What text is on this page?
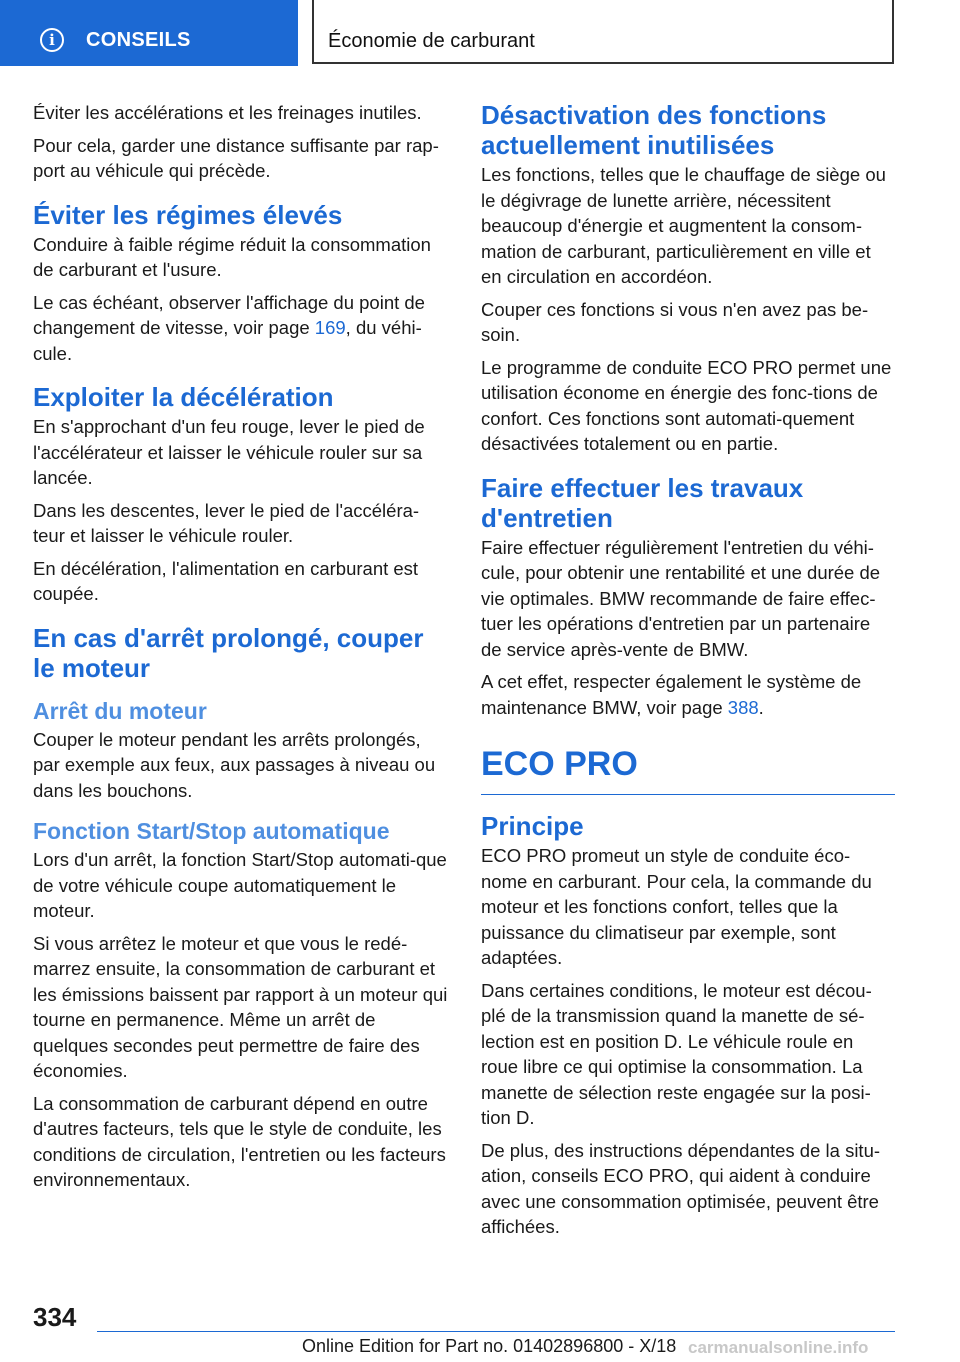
i	CONSEILS	Économie de carburant

Éviter les accélérations et les freinages inutiles.

Pour cela, garder une distance suffisante par rap-port au véhicule qui précède.

Éviter les régimes élevés

Conduire à faible régime réduit la consommation de carburant et l'usure.

Le cas échéant, observer l'affichage du point de changement de vitesse, voir page 169, du véhi-cule.

Exploiter la décélération

En s'approchant d'un feu rouge, lever le pied de l'accélérateur et laisser le véhicule rouler sur sa lancée.

Dans les descentes, lever le pied de l'accélérа-teur et laisser le véhicule rouler.

En décélération, l'alimentation en carburant est coupée.

En cas d'arrêt prolongé, couper le moteur
Arrêt du moteur

Couper le moteur pendant les arrêts prolongés, par exemple aux feux, aux passages à niveau ou dans les bouchons.

Fonction Start/Stop automatique

Lors d'un arrêt, la fonction Start/Stop automati-que de votre véhicule coupe automatiquement le moteur.

Si vous arrêtez le moteur et que vous le redé-marrez ensuite, la consommation de carburant et les émissions baissent par rapport à un moteur qui tourne en permanence. Même un arrêt de quelques secondes peut permettre de faire des économies.

La consommation de carburant dépend en outre d'autres facteurs, tels que le style de conduite, les conditions de circulation, l'entretien ou les facteurs environnementaux.

Désactivation des fonctions actuellement inutilisées

Les fonctions, telles que le chauffage de siège ou le dégivrage de lunette arrière, nécessitent beaucoup d'énergie et augmentent la consom-mation de carburant, particulièrement en ville et en circulation en accordéon.

Couper ces fonctions si vous n'en avez pas be-soin.

Le programme de conduite ECO PRO permet une utilisation économe en énergie des fonc-tions de confort. Ces fonctions sont automati-quement désactivées totalement ou en partie.

Faire effectuer les travaux d'entretien

Faire effectuer régulièrement l'entretien du véhi-cule, pour obtenir une rentabilité et une durée de vie optimales. BMW recommande de faire effec-tuer les opérations d'entretien par un partenaire de service après-vente de BMW.

A cet effet, respecter également le système de maintenance BMW, voir page 388.

ECO PRO
Principe

ECO PRO promeut un style de conduite éco-nome en carburant. Pour cela, la commande du moteur et les fonctions confort, telles que la puissance du climatiseur par exemple, sont adaptées.

Dans certaines conditions, le moteur est décou-plé de la transmission quand la manette de sé-lection est en position D. Le véhicule roule en roue libre ce qui optimise la consommation. La manette de sélection reste engagée sur la posi-tion D.

De plus, des instructions dépendantes de la situ-ation, conseils ECO PRO, qui aident à conduire avec une consommation optimisée, peuvent être affichées.

334
Online Edition for Part no. 01402896800 - X/18 carmanualsonline.info
